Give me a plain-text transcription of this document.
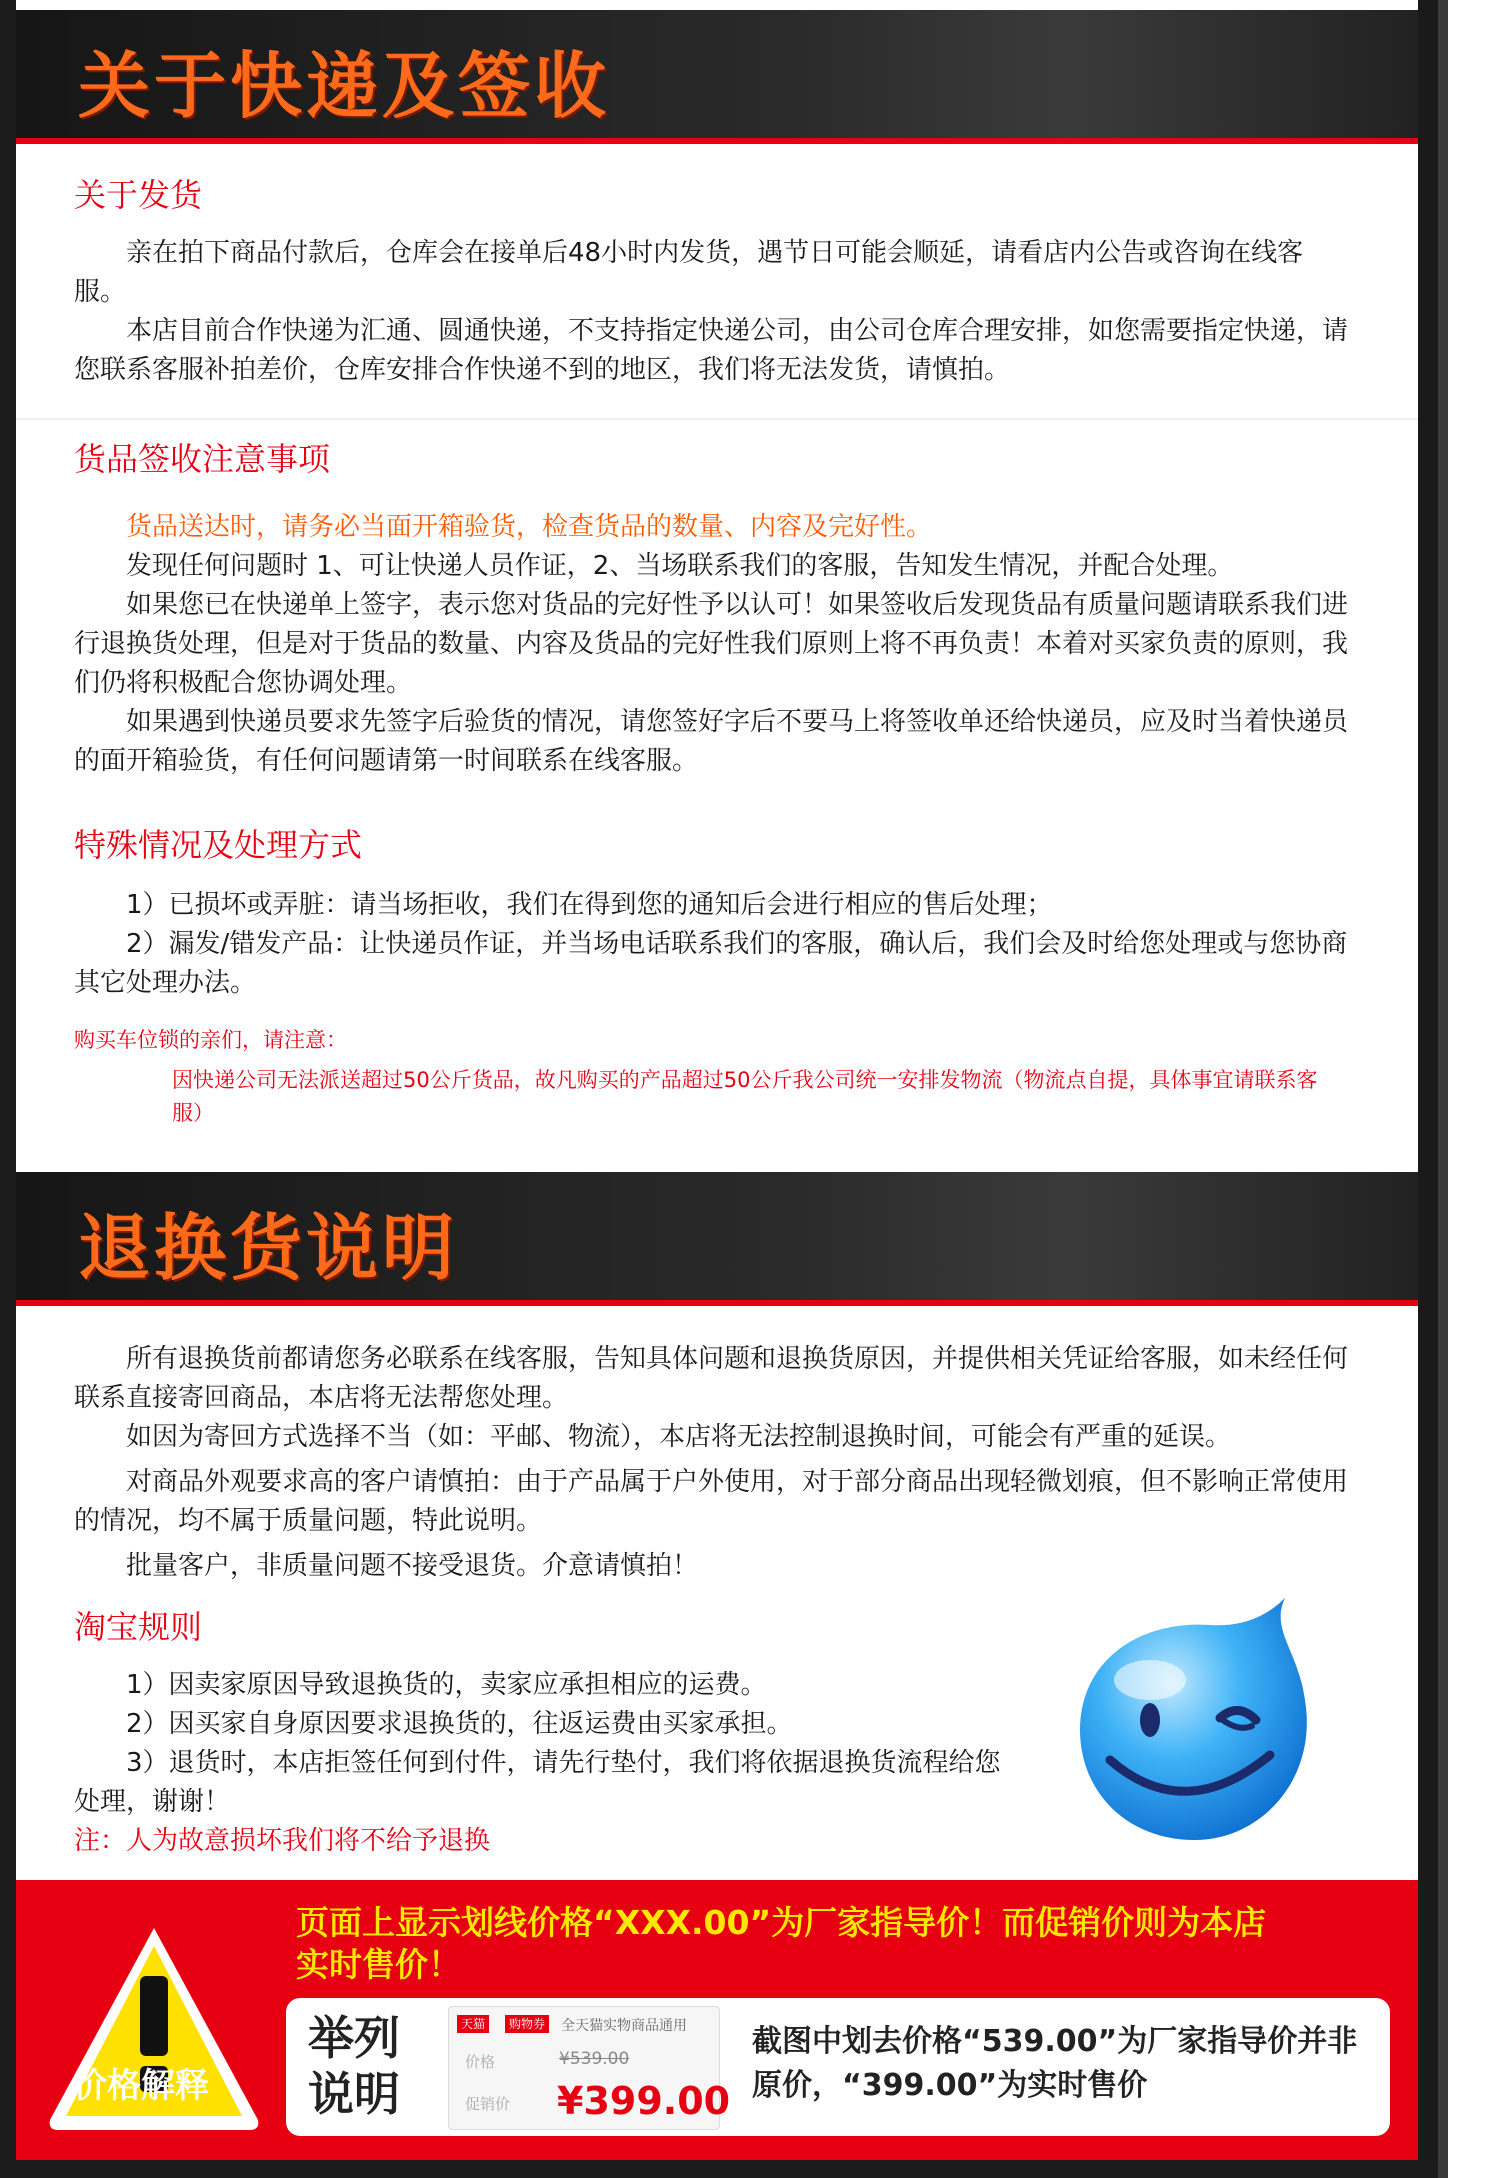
关于快递及签收
关于发货

亲在拍下商品付款后，仓库会在接单后48小时内发货，遇节日可能会顺延，请看店内公告或咨询在线客服。

本店目前合作快递为汇通、圆通快递，不支持指定快递公司，由公司仓库合理安排，如您需要指定快递，请您联系客服补拍差价，仓库安排合作快递不到的地区，我们将无法发货，请慎拍。

货品签收注意事项

货品送达时，请务必当面开箱验货，检查货品的数量、内容及完好性。

发现任何问题时 1、可让快递人员作证，2、当场联系我们的客服，告知发生情况，并配合处理。

如果您已在快递单上签字，表示您对货品的完好性予以认可！如果签收后发现货品有质量问题请联系我们进行退换货处理，但是对于货品的数量、内容及货品的完好性我们原则上将不再负责！本着对买家负责的原则，我们仍将积极配合您协调处理。

如果遇到快递员要求先签字后验货的情况，请您签好字后不要马上将签收单还给快递员，应及时当着快递员的面开箱验货，有任何问题请第一时间联系在线客服。

特殊情况及处理方式

1）已损坏或弄脏：请当场拒收，我们在得到您的通知后会进行相应的售后处理；

2）漏发/错发产品：让快递员作证，并当场电话联系我们的客服，确认后，我们会及时给您处理或与您协商其它处理办法。

购买车位锁的亲们，请注意：
因快递公司无法派送超过50公斤货品，故凡购买的产品超过50公斤我公司统一安排发物流（物流点自提，具体事宜请联系客服）
退换货说明

所有退换货前都请您务必联系在线客服，告知具体问题和退换货原因，并提供相关凭证给客服，如未经任何联系直接寄回商品，本店将无法帮您处理。

如因为寄回方式选择不当（如：平邮、物流），本店将无法控制退换时间，可能会有严重的延误。

对商品外观要求高的客户请慎拍：由于产品属于户外使用，对于部分商品出现轻微划痕，但不影响正常使用的情况，均不属于质量问题，特此说明。

批量客户，非质量问题不接受退货。介意请慎拍！

淘宝规则

1）因卖家原因导致退换货的，卖家应承担相应的运费。

2）因买家自身原因要求退换货的，往返运费由买家承担。

3）退货时，本店拒签任何到付件，请先行垫付，我们将依据退换货流程给您处理，谢谢！

注：人为故意损坏我们将不给予退换

价格解释
页面上显示划线价格“XXX.00”为厂家指导价！而促销价则为本店实时售价！
举列说明
天猫	购物券 全天猫实物商品通用
价格	¥539.00
促销价 ¥399.00
截图中划去价格“539.00”为厂家指导价并非原价，“399.00”为实时售价
